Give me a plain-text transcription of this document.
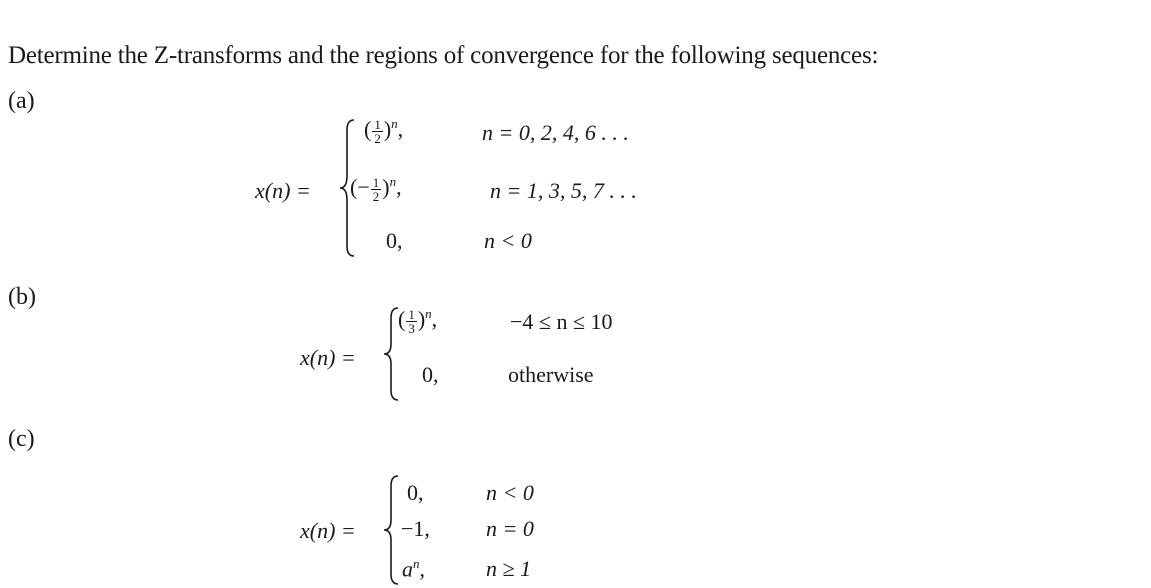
Determine the Z-transforms and the regions of convergence for the following sequences:
(a)
x(n) =
( $\frac{1}{2} )^n$,	n = 0, 2, 4, 6 . . .
(− $\frac{1}{2} )^n$,	n = 1, 3, 5, 7 . . .
0,	n < 0
(b)
x(n) =
( $\frac{1}{3} )^n$,	−4 ≤ n ≤ 10
0,	otherwise
(c)
x(n) =
0,	n < 0
−1,	n = 0
$a^n$,	n ≥ 1
